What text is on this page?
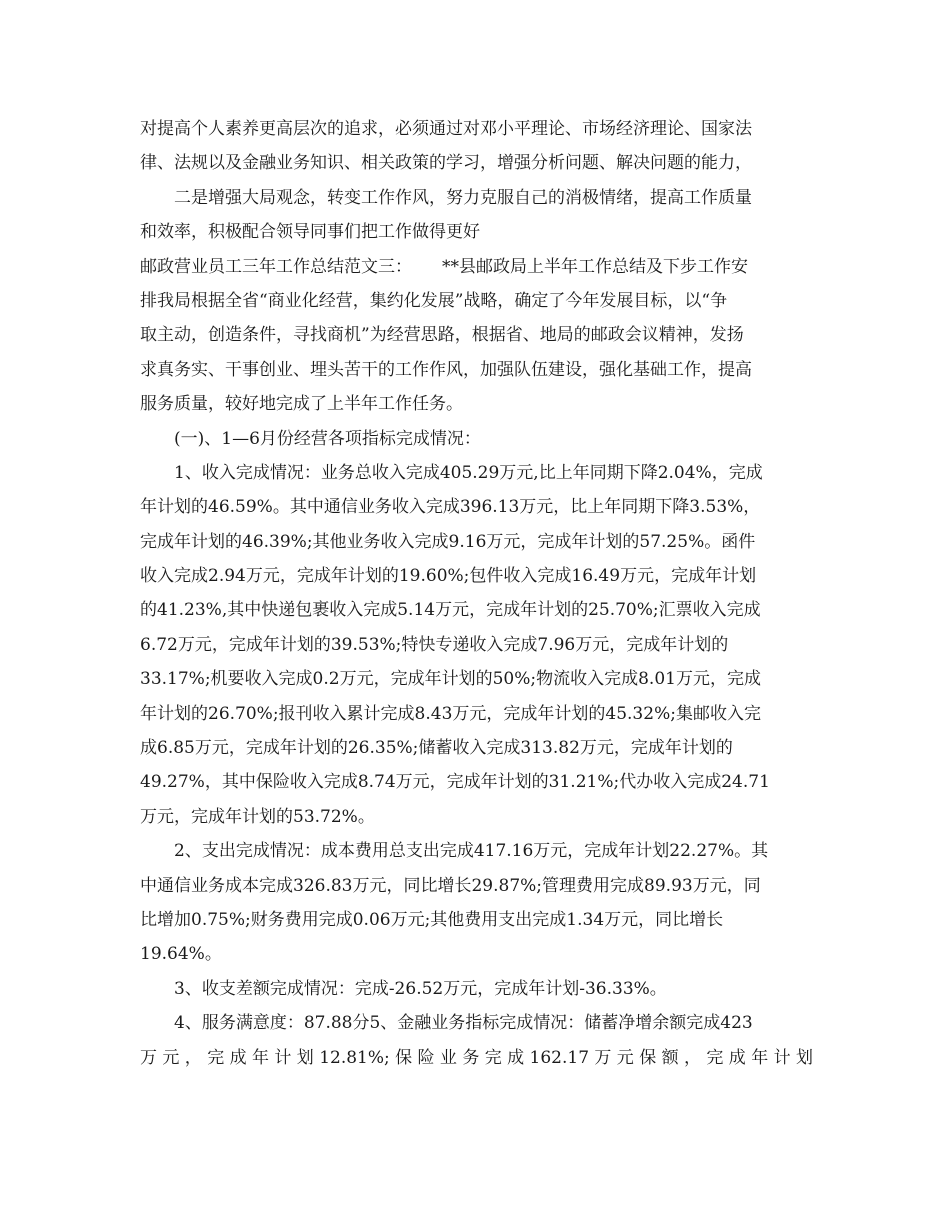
对提高个人素养更高层次的追求，必须通过对邓小平理论、市场经济理论、国家法
律、法规以及金融业务知识、相关政策的学习，增强分析问题、解决问题的能力，
二是增强大局观念，转变工作作风，努力克服自己的消极情绪，提高工作质量
和效率，积极配合领导同事们把工作做得更好
邮政营业员工三年工作总结范文三： **县邮政局上半年工作总结及下步工作安
排我局根据全省“商业化经营，集约化发展”战略，确定了今年发展目标，以“争
取主动，创造条件，寻找商机”为经营思路，根据省、地局的邮政会议精神，发扬
求真务实、干事创业、埋头苦干的工作作风，加强队伍建设，强化基础工作，提高
服务质量，较好地完成了上半年工作任务。
(一)、1—6月份经营各项指标完成情况：
1、收入完成情况：业务总收入完成405.29万元,比上年同期下降2.04%，完成
年计划的46.59%。其中通信业务收入完成396.13万元，比上年同期下降3.53%，
完成年计划的46.39%;其他业务收入完成9.16万元，完成年计划的57.25%。函件
收入完成2.94万元，完成年计划的19.60%;包件收入完成16.49万元，完成年计划
的41.23%,其中快递包裹收入完成5.14万元，完成年计划的25.70%;汇票收入完成
6.72万元，完成年计划的39.53%;特快专递收入完成7.96万元，完成年计划的
33.17%;机要收入完成0.2万元，完成年计划的50%;物流收入完成8.01万元，完成
年计划的26.70%;报刊收入累计完成8.43万元，完成年计划的45.32%;集邮收入完
成6.85万元，完成年计划的26.35%;储蓄收入完成313.82万元，完成年计划的
49.27%，其中保险收入完成8.74万元，完成年计划的31.21%;代办收入完成24.71
万元，完成年计划的53.72%。
2、支出完成情况：成本费用总支出完成417.16万元，完成年计划22.27%。其
中通信业务成本完成326.83万元，同比增长29.87%;管理费用完成89.93万元，同
比增加0.75%;财务费用完成0.06万元;其他费用支出完成1.34万元，同比增长
19.64%。
3、收支差额完成情况：完成-26.52万元，完成年计划-36.33%。
4、服务满意度：87.88分5、金融业务指标完成情况：储蓄净增余额完成423
万元，完成年计划12.81%;保险业务完成162.17万元保额，完成年计划
